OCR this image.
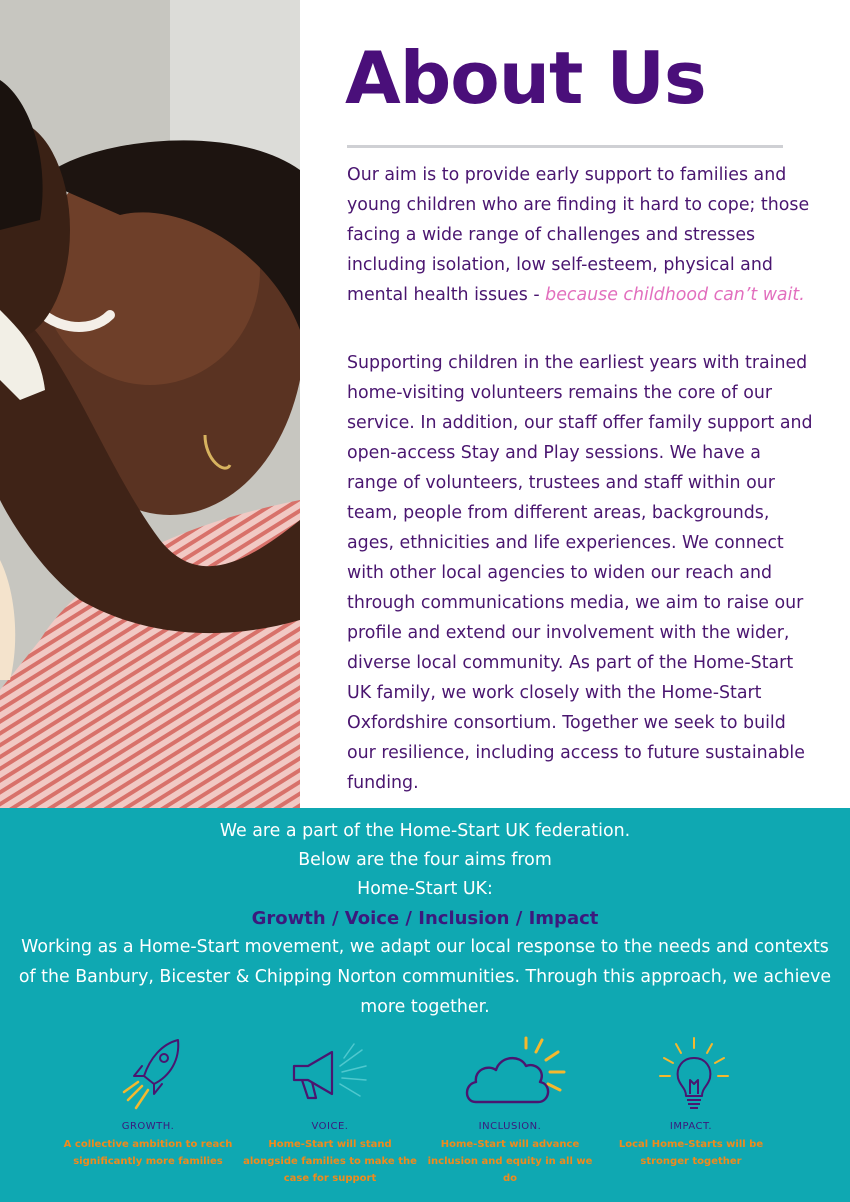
About Us

Our aim is to provide early support to families and young children who are finding it hard to cope; those facing a wide range of challenges and stresses including isolation, low self-esteem, physical and mental health issues - because childhood can’t wait.

Supporting children in the earliest years with trained home-visiting volunteers remains the core of our service. In addition, our staff offer family support and open-access Stay and Play sessions. We have a range of volunteers, trustees and staff within our team, people from different areas, backgrounds, ages, ethnicities and life experiences. We connect with other local agencies to widen our reach and through communications media, we aim to raise our profile and extend our involvement with the wider, diverse local community. As part of the Home-Start UK family, we work closely with the Home-Start Oxfordshire consortium. Together we seek to build our resilience, including access to future sustainable funding.

We are a part of the Home-Start UK federation.

Below are the four aims from

Home-Start UK:

Growth / Voice / Inclusion / Impact

Working as a Home-Start movement, we adapt our local response to the needs and contexts of the Banbury, Bicester & Chipping Norton communities. Through this approach, we achieve more together.

GROWTH.

A collective ambition to reach significantly more families

VOICE.

Home-Start will stand alongside families to make the case for support

INCLUSION.

Home-Start will advance inclusion and equity in all we do

IMPACT.

Local Home-Starts will be stronger together
